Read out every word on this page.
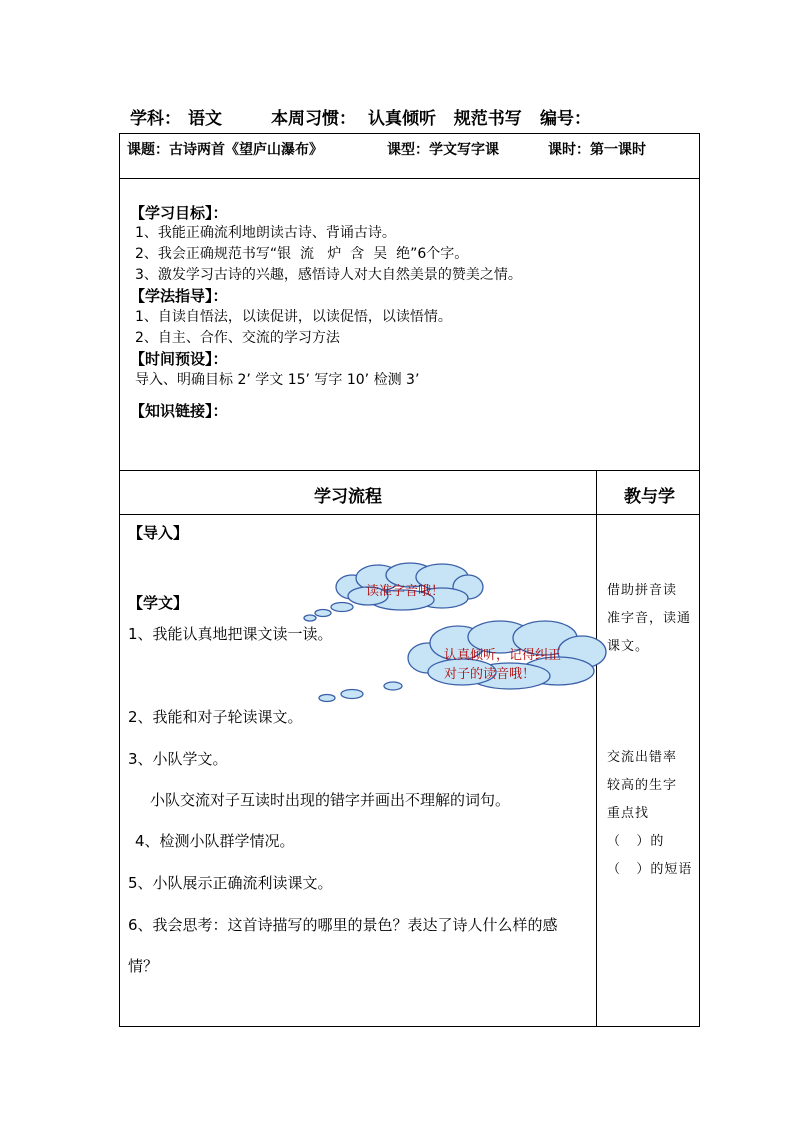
学科： 语文	本周习惯： 认真倾听   规范书写 编号：
课题：古诗两首《望庐山瀑布》	课型：学文写字课	课时：第一课时
【学习目标】：
1、我能正确流利地朗读古诗、背诵古诗。
2、我会正确规范书写“银  流   炉  含  吴  绝”6个字。
3、激发学习古诗的兴趣，感悟诗人对大自然美景的赞美之情。
【学法指导】：
1、自读自悟法，以读促讲，以读促悟，以读悟情。
2、自主、合作、交流的学习方法
【时间预设】：
导入、明确目标 2’ 学文 15’ 写字 10’ 检测 3’
【知识链接】：
学习流程	教与学
【导入】
【学文】
1、我能认真地把课文读一读。
2、我能和对子轮读课文。
3、小队学文。
小队交流对子互读时出现的错字并画出不理解的词句。
4、检测小队群学情况。
5、小队展示正确流利读课文。
6、我会思考：这首诗描写的哪里的景色？表达了诗人什么样的感
情？
读准字音哦！
认真倾听，记得纠正
对子的读音哦！
借助拼音读
准字音，读通
课文。
交流出错率
较高的生字
重点找
（   ）的
（   ）的短语
